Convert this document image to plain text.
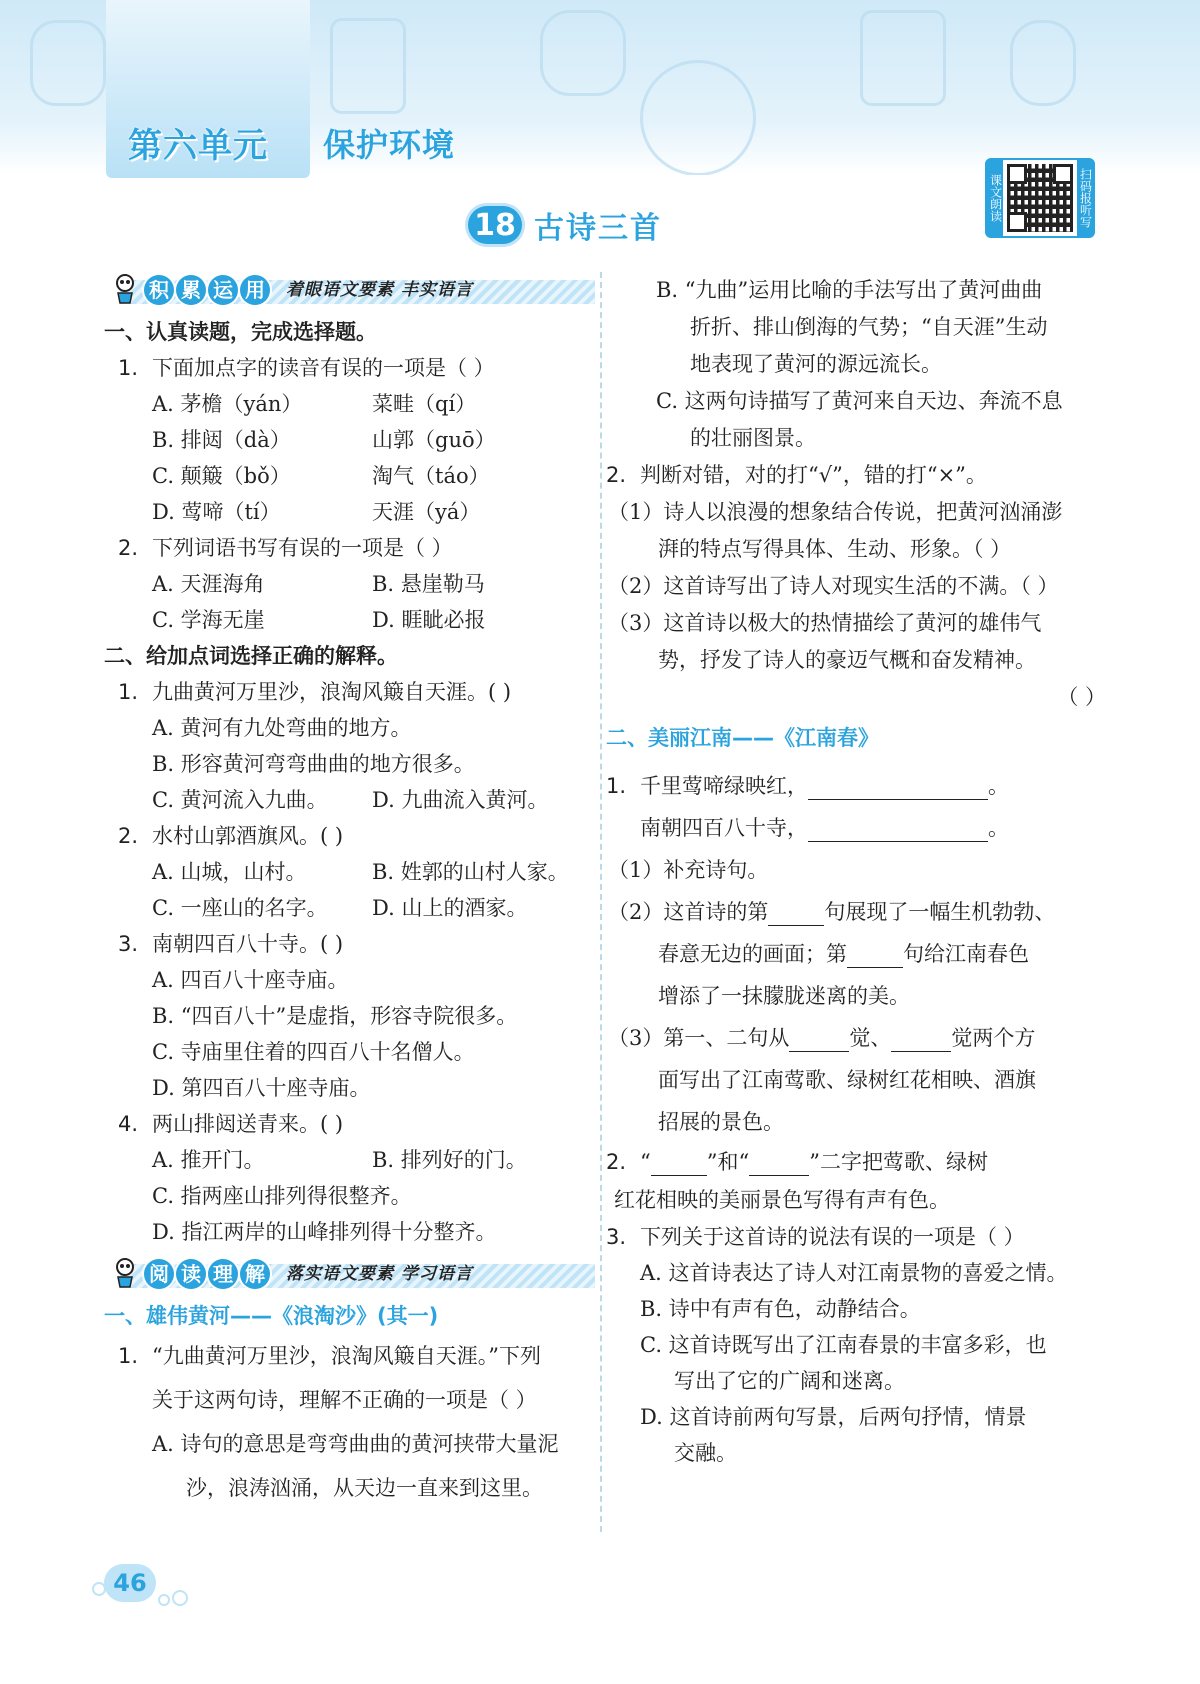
第六单元 保护环境
18 古诗三首
课文朗读	扫码报听写
积 累 运 用 着眼语文要素 丰实语言
一、认真读题，完成选择题。
1. 下面加点字的读音有误的一项是（ ）
A. 茅檐（yán）	菜畦（qí）
B. 排闼（dà）	山郭（guō）
C. 颠簸（bǒ）	淘气（táo）
D. 莺啼（tí）	天涯（yá）
2. 下列词语书写有误的一项是（ ）
A. 天涯海角	B. 悬崖勒马
C. 学海无崖	D. 睚眦必报
二、给加点词选择正确的解释。
1. 九曲黄河万里沙，浪淘风簸自天涯。( )
A. 黄河有九处弯曲的地方。
B. 形容黄河弯弯曲曲的地方很多。
C. 黄河流入九曲。	D. 九曲流入黄河。
2. 水村山郭酒旗风。( )
A. 山城，山村。	B. 姓郭的山村人家。
C. 一座山的名字。	D. 山上的酒家。
3. 南朝四百八十寺。( )
A. 四百八十座寺庙。
B. “四百八十”是虚指，形容寺院很多。
C. 寺庙里住着的四百八十名僧人。
D. 第四百八十座寺庙。
4. 两山排闼送青来。( )
A. 推开门。	B. 排列好的门。
C. 指两座山排列得很整齐。
D. 指江两岸的山峰排列得十分整齐。
阅 读 理 解 落实语文要素 学习语言
一、雄伟黄河——《浪淘沙》(其一)
1. “九曲黄河万里沙，浪淘风簸自天涯。”下列
关于这两句诗，理解不正确的一项是（ ）
A. 诗句的意思是弯弯曲曲的黄河挟带大量泥
沙，浪涛汹涌，从天边一直来到这里。
B. “九曲”运用比喻的手法写出了黄河曲曲
折折、排山倒海的气势；“自天涯”生动
地表现了黄河的源远流长。
C. 这两句诗描写了黄河来自天边、奔流不息
的壮丽图景。
2. 判断对错，对的打“√”，错的打“×”。
（1）诗人以浪漫的想象结合传说，把黄河汹涌澎
湃的特点写得具体、生动、形象。（ ）
（2）这首诗写出了诗人对现实生活的不满。（ ）
（3）这首诗以极大的热情描绘了黄河的雄伟气
势，抒发了诗人的豪迈气概和奋发精神。
（ ）
二、美丽江南——《江南春》
1. 千里莺啼绿映红，	。
南朝四百八十寺，	。
（1）补充诗句。
（2）这首诗的第	句展现了一幅生机勃勃、
春意无边的画面；第	句给江南春色
增添了一抹朦胧迷离的美。
（3）第一、二句从	觉、	觉两个方
面写出了江南莺歌、绿树红花相映、酒旗
招展的景色。
2. “	”和“	”二字把莺歌、绿树
红花相映的美丽景色写得有声有色。
3. 下列关于这首诗的说法有误的一项是（ ）
A. 这首诗表达了诗人对江南景物的喜爱之情。
B. 诗中有声有色，动静结合。
C. 这首诗既写出了江南春景的丰富多彩，也
写出了它的广阔和迷离。
D. 这首诗前两句写景，后两句抒情，情景
交融。
46
